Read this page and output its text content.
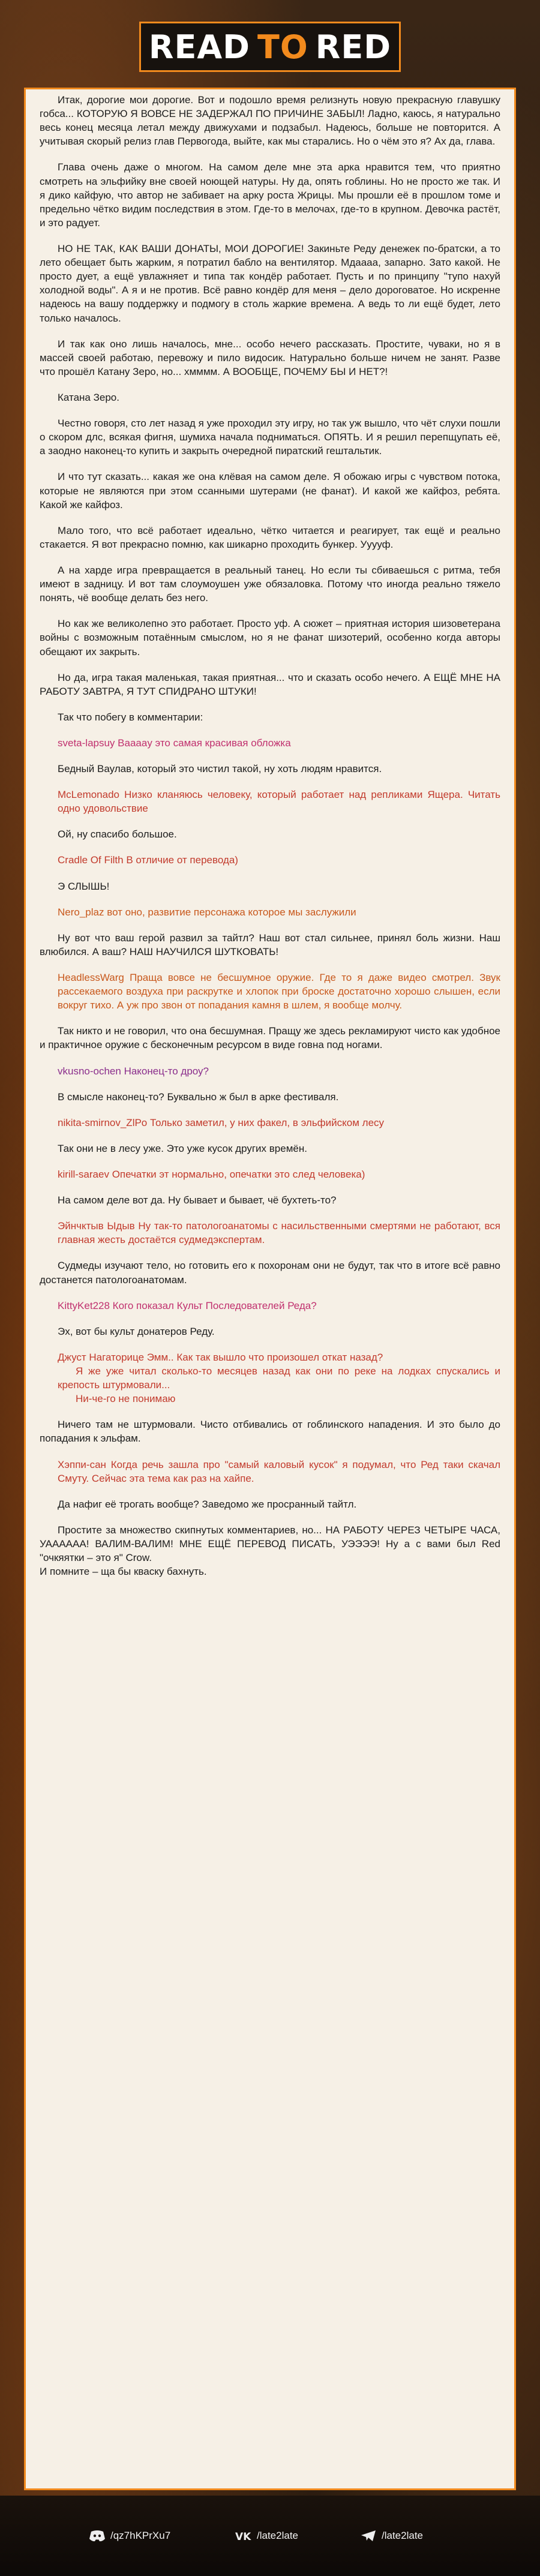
READ TO RED

Итак, дорогие мои дорогие. Вот и подошло время релизнуть новую прекрасную главушку гобса... КОТОРУЮ Я ВОВСЕ НЕ ЗАДЕРЖАЛ ПО ПРИЧИНЕ ЗАБЫЛ! Ладно, каюсь, я натурально весь конец месяца летал между движухами и подзабыл. Надеюсь, больше не повторится. А учитывая скорый релиз глав Первогода, выйте, как мы старались. Но о чём это я? Ах да, глава.

Глава очень даже о многом. На самом деле мне эта арка нравится тем, что приятно смотреть на эльфийку вне своей ноющей натуры. Ну да, опять гоблины. Но не просто же так. И я дико кайфую, что автор не забивает на арку роста Жрицы. Мы прошли её в прошлом томе и предельно чётко видим последствия в этом. Где-то в мелочах, где-то в крупном. Девочка растёт, и это радует.

НО НЕ ТАК, КАК ВАШИ ДОНАТЫ, МОИ ДОРОГИЕ! Закиньте Реду денежек по-братски, а то лето обещает быть жарким, я потратил бабло на вентилятор. Мдаааа, запарно. Зато какой. Не просто дует, а ещё увлажняет и типа так кондёр работает. Пусть и по принципу "тупо нахуй холодной воды". А я и не против. Всё равно кондёр для меня – дело дороговатое. Но искренне надеюсь на вашу поддержку и подмогу в столь жаркие времена. А ведь то ли ещё будет, лето только началось.

И так как оно лишь началось, мне... особо нечего рассказать. Простите, чуваки, но я в массей своей работаю, перевожу и пило видосик. Натурально больше ничем не занят. Разве что прошёл Катану Зеро, но... хмммм. А ВООБЩЕ, ПОЧЕМУ БЫ И НЕТ?!

Катана Зеро.

Честно говоря, сто лет назад я уже проходил эту игру, но так уж вышло, что чёт слухи пошли о скором длс, всякая фигня, шумиха начала подниматься. ОПЯТЬ. И я решил перепщупать её, а заодно наконец-то купить и закрыть очередной пиратский гештальтик.

И что тут сказать... какая же она клёвая на самом деле. Я обожаю игры с чувством потока, которые не являются при этом ссанными шутерами (не фанат). И какой же кайфоз, ребята. Какой же кайфоз.

Мало того, что всё работает идеально, чётко читается и реагирует, так ещё и реально стакается. Я вот прекрасно помню, как шикарно проходить бункер. Ууууф.

А на харде игра превращается в реальный танец. Но если ты сбиваешься с ритма, тебя имеют в задницу. И вот там слоумоушен уже обязаловка. Потому что иногда реально тяжело понять, чё вообще делать без него.

Но как же великолепно это работает. Просто уф. А сюжет – приятная история шизоветерана войны с возможным потаённым смыслом, но я не фанат шизотерий, особенно когда авторы обещают их закрыть.

Но да, игра такая маленькая, такая приятная... что и сказать особо нечего. А ЕЩЁ МНЕ НА РАБОТУ ЗАВТРА, Я ТУТ СПИДРАНО ШТУКИ!

Так что побегу в комментарии:

sveta-lapsuy Вааааy это самая красивая обложка ️

Бедный Ваулав, который это чистил такой, ну хоть людям нравится.

McLemonado Низко кланяюсь человеку, который работает над репликами Ящера. Читать одно удовольствие

Ой, ну спасибо большое.

Cradle Of Filth В отличие от перевода)

Э СЛЫШЬ!

Nero_plaz вот оно, развитие персонажа которое мы заслужили

Ну вот что ваш герой развил за тайтл? Наш вот стал сильнее, принял боль жизни. Наш влюбился. А ваш? НАШ НАУЧИЛСЯ ШУТКОВАТЬ!

HeadlessWarg Праща вовсе не бесшумное оружие. Где то я даже видео смотрел. Звук рассекаемого воздуха при раскрутке и хлопок при броске достаточно хорошо слышен, если вокруг тихо. А уж про звон от попадания камня в шлем, я вообще молчу.

Так никто и не говорил, что она бесшумная. Пращу же здесь рекламируют чисто как удобное и практичное оружие с бесконечным ресурсом в виде говна под ногами.

vkusno-ochen Наконец-то дроу?

В смысле наконец-то? Буквально ж был в арке фестиваля.

nikita-smirnov_ZlPo Только заметил, у них факел, в эльфийском лесу

Так они не в лесу уже. Это уже кусок других времён.

kirill-saraev Опечатки эт нормально, опечатки это след человека)

На самом деле вот да. Ну бывает и бывает, чё бухтеть-то?

Эйнчктыв Ыдыв Ну так-то патологоанатомы с насильственными смертями не работают, вся главная жесть достаётся судмедэкспертам.

Судмеды изучают тело, но готовить его к похоронам они не будут, так что в итоге всё равно достанется патологоанатомам.

KittyKet228 Кого показал Культ Последователей Реда?

Эх, вот бы культ донатеров Реду.

Джуст Нагаторице Эмм.. Как так вышло что произошел откат назад?
Я же уже читал сколько-то месяцев назад как они по реке на лодках спускались и крепость штурмовали...
Ни-че-го не понимаю

Ничего там не штурмовали. Чисто отбивались от гоблинского нападения. И это было до попадания к эльфам.

Хэппи-сан Когда речь зашла про "самый каловый кусок" я подумал, что Ред таки скачал Смуту. Сейчас эта тема как раз на хайпе.

Да нафиг её трогать вообще? Заведомо же просранный тайтл.

Простите за множество скипнутых комментариев, но... НА РАБОТУ ЧЕРЕЗ ЧЕТЫРЕ ЧАСА, УАААААА! ВАЛИМ-ВАЛИМ! МНЕ ЕЩЁ ПЕРЕВОД ПИСАТЬ, УЭЭЭЭ! Ну а с вами был Red "очкяятки – это я" Crow.
И помните – ща бы кваску бахнуть.

/qz7hKPrXu7	VK /late2late	/late2late
